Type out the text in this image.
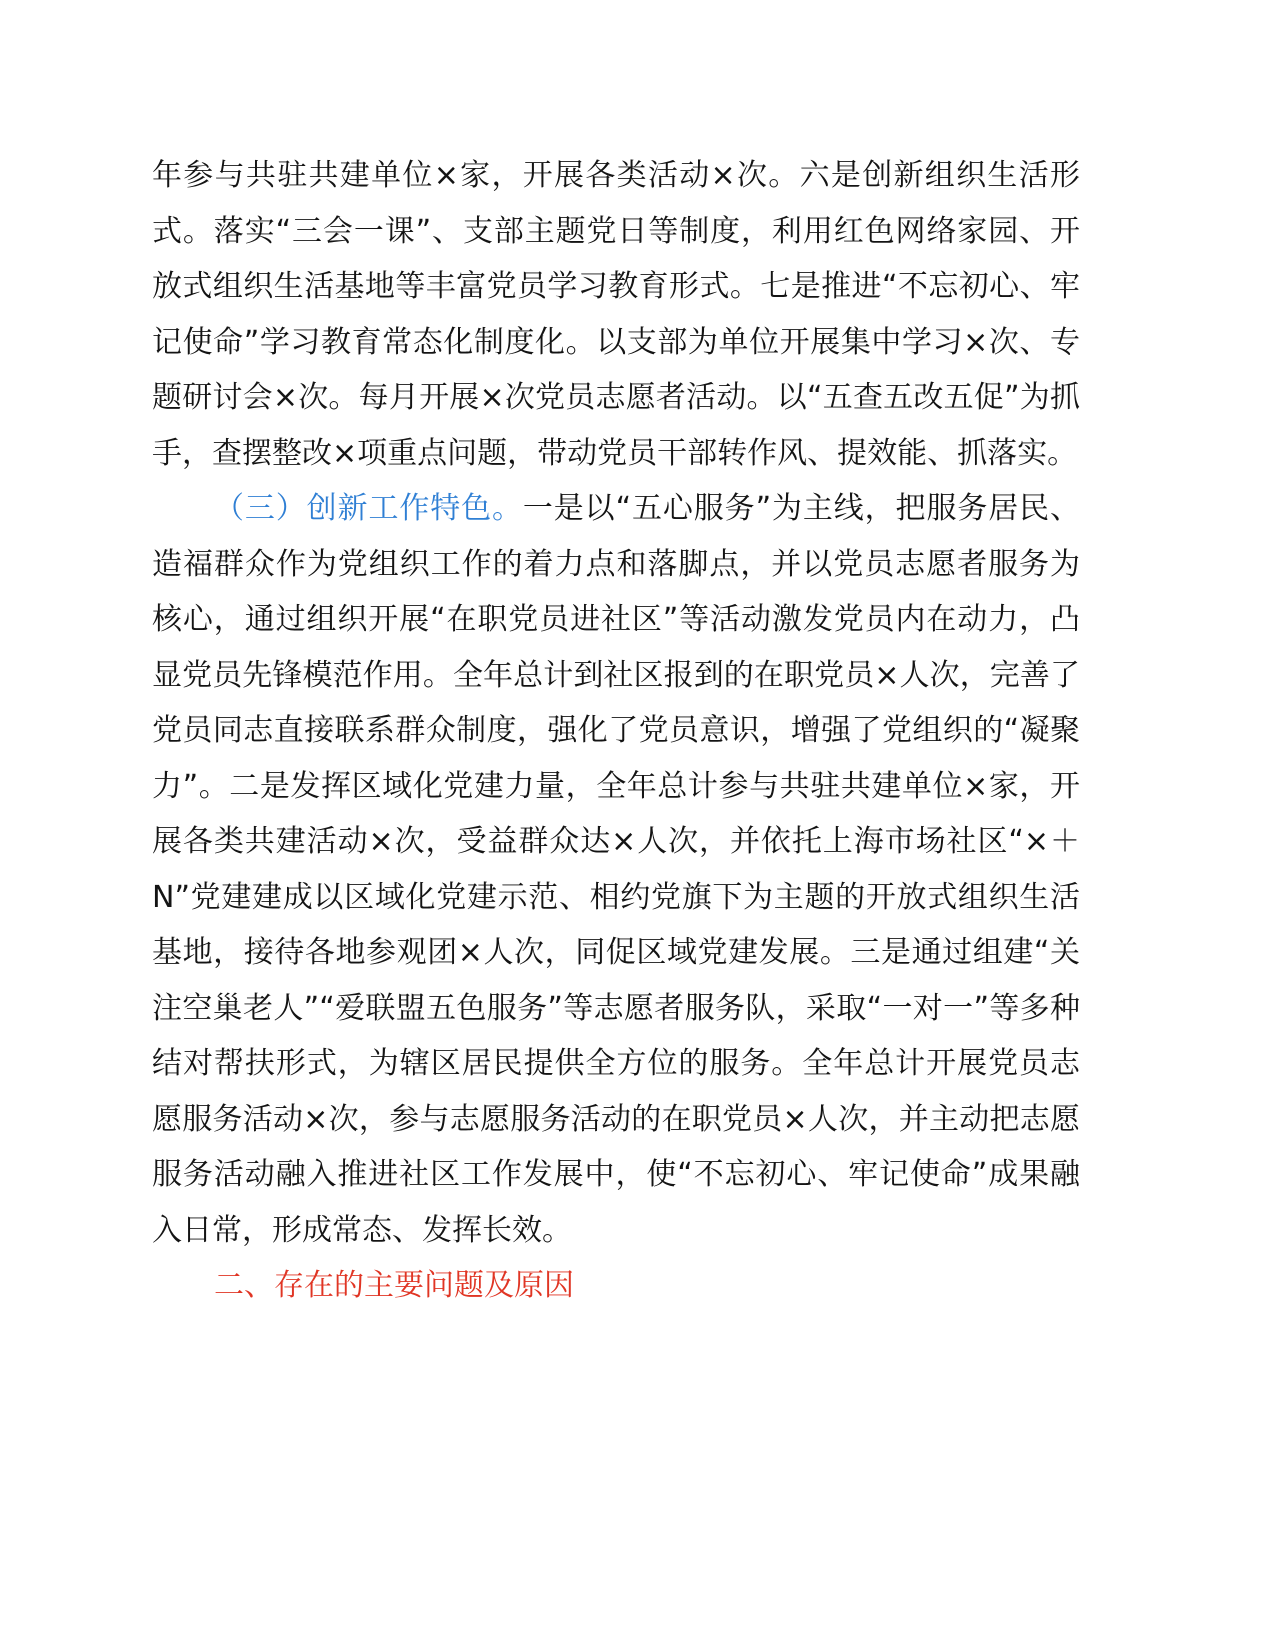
年参与共驻共建单位×家，开展各类活动×次。六是创新组织生活形式。落实“三会一课”、支部主题党日等制度，利用红色网络家园、开放式组织生活基地等丰富党员学习教育形式。七是推进“不忘初心、牢记使命”学习教育常态化制度化。以支部为单位开展集中学习×次、专题研讨会×次。每月开展×次党员志愿者活动。以“五查五改五促”为抓手，查摆整改×项重点问题，带动党员干部转作风、提效能、抓落实。

（三）创新工作特色。一是以“五心服务”为主线，把服务居民、造福群众作为党组织工作的着力点和落脚点，并以党员志愿者服务为核心，通过组织开展“在职党员进社区”等活动激发党员内在动力，凸显党员先锋模范作用。全年总计到社区报到的在职党员×人次，完善了党员同志直接联系群众制度，强化了党员意识，增强了党组织的“凝聚力”。二是发挥区域化党建力量，全年总计参与共驻共建单位×家，开展各类共建活动×次，受益群众达×人次，并依托上海市场社区“×＋N”党建建成以区域化党建示范、相约党旗下为主题的开放式组织生活基地，接待各地参观团×人次，同促区域党建发展。三是通过组建“关注空巢老人”“爱联盟五色服务”等志愿者服务队，采取“一对一”等多种结对帮扶形式，为辖区居民提供全方位的服务。全年总计开展党员志愿服务活动×次，参与志愿服务活动的在职党员×人次，并主动把志愿服务活动融入推进社区工作发展中，使“不忘初心、牢记使命”成果融入日常，形成常态、发挥长效。

二、存在的主要问题及原因
